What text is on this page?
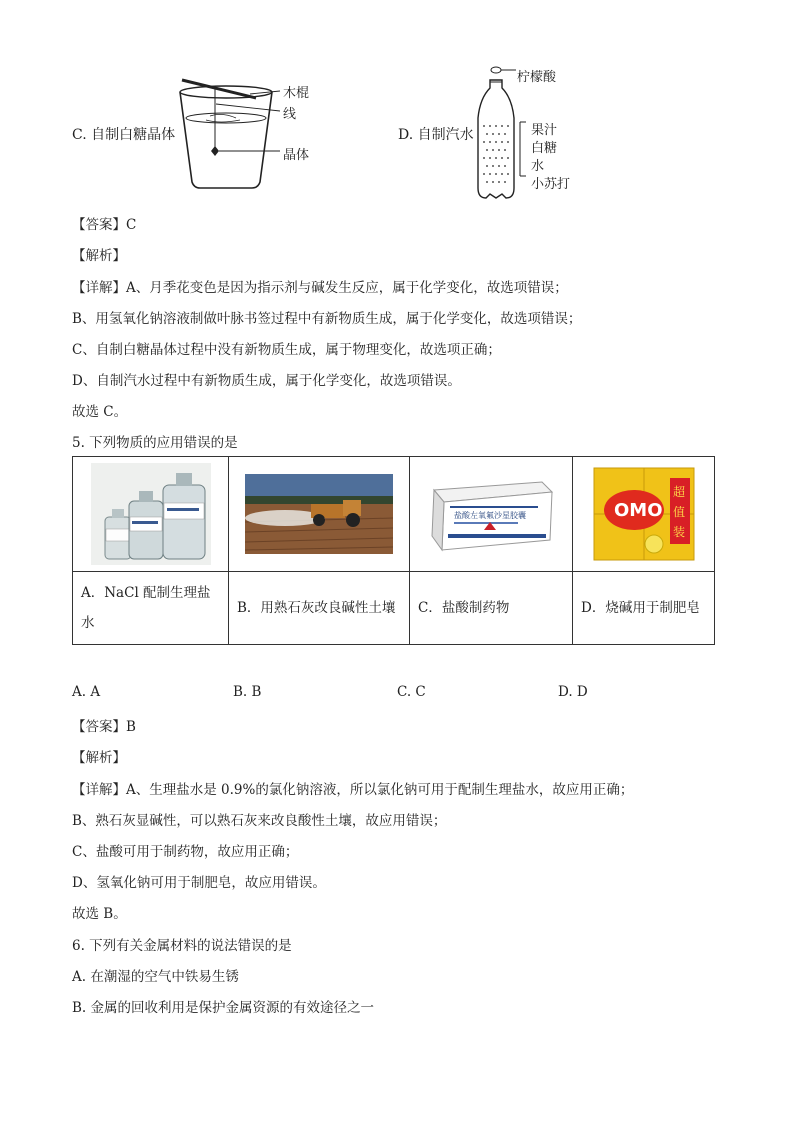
C. 自制白糖晶体
木棍
线
晶体
D. 自制汽水
柠檬酸
果汁
白糖
水
小苏打
【答案】C
【解析】
【详解】A、月季花变色是因为指示剂与碱发生反应，属于化学变化，故选项错误；
B、用氢氧化钠溶液制做叶脉书签过程中有新物质生成，属于化学变化，故选项错误；
C、自制白糖晶体过程中没有新物质生成，属于物理变化，故选项正确；
D、自制汽水过程中有新物质生成，属于化学变化，故选项错误。
故选 C。
5. 下列物质的应用错误的是

盐酸左氧氟沙星胶囊	OMO
超
值
装

A．NaCl 配制生理盐水	B．用熟石灰改良碱性土壤	C．盐酸制药物	D．烧碱用于制肥皂
A. A	B. B	C. C	D. D
【答案】B
【解析】
【详解】A、生理盐水是 0.9%的氯化钠溶液，所以氯化钠可用于配制生理盐水，故应用正确；
B、熟石灰显碱性，可以熟石灰来改良酸性土壤，故应用错误；
C、盐酸可用于制药物，故应用正确；
D、氢氧化钠可用于制肥皂，故应用错误。
故选 B。
6. 下列有关金属材料的说法错误的是
A. 在潮湿的空气中铁易生锈
B. 金属的回收利用是保护金属资源的有效途径之一
